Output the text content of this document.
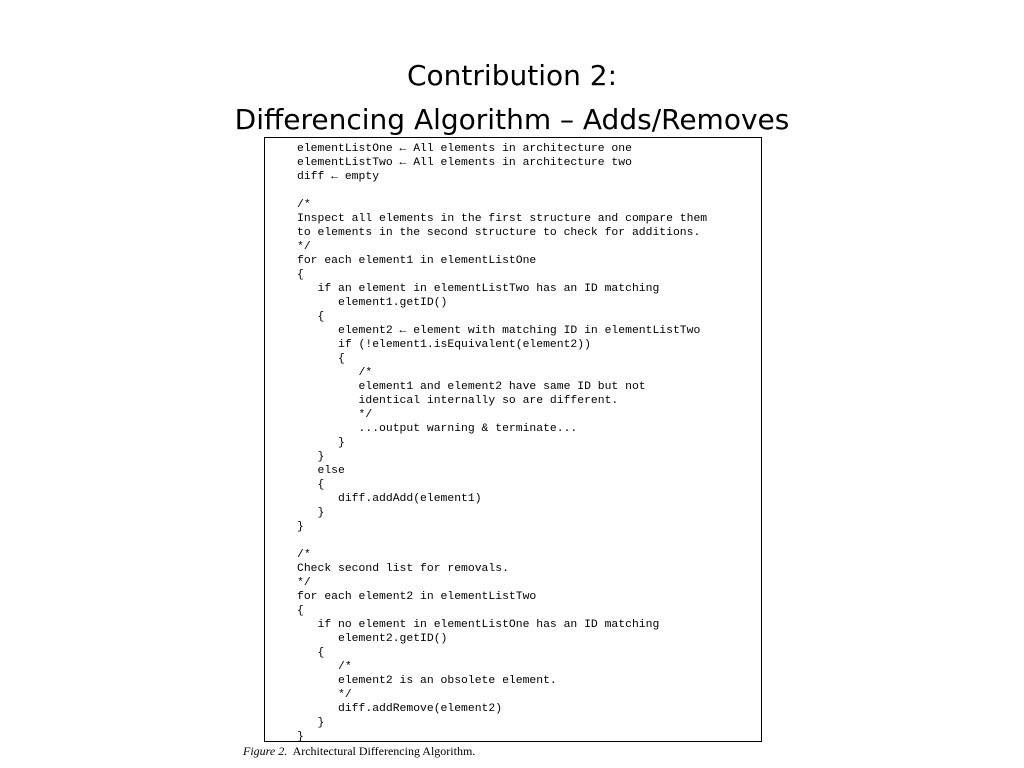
Contribution 2:
Differencing Algorithm – Adds/Removes
elementListOne ← All elements in architecture one
elementListTwo ← All elements in architecture two
diff ← empty
/*
Inspect all elements in the first structure and compare them
to elements in the second structure to check for additions.
*/
for each element1 in elementListOne
{
if an element in elementListTwo has an ID matching
element1.getID()
{
element2 ← element with matching ID in elementListTwo
if (!element1.isEquivalent(element2))
{
/*
element1 and element2 have same ID but not
identical internally so are different.
*/
...output warning & terminate...
}
}
else
{
diff.addAdd(element1)
}
}
/*
Check second list for removals.
*/
for each element2 in elementListTwo
{
if no element in elementListOne has an ID matching
element2.getID()
{
/*
element2 is an obsolete element.
*/
diff.addRemove(element2)
}
}
Figure 2. Architectural Differencing Algorithm.
